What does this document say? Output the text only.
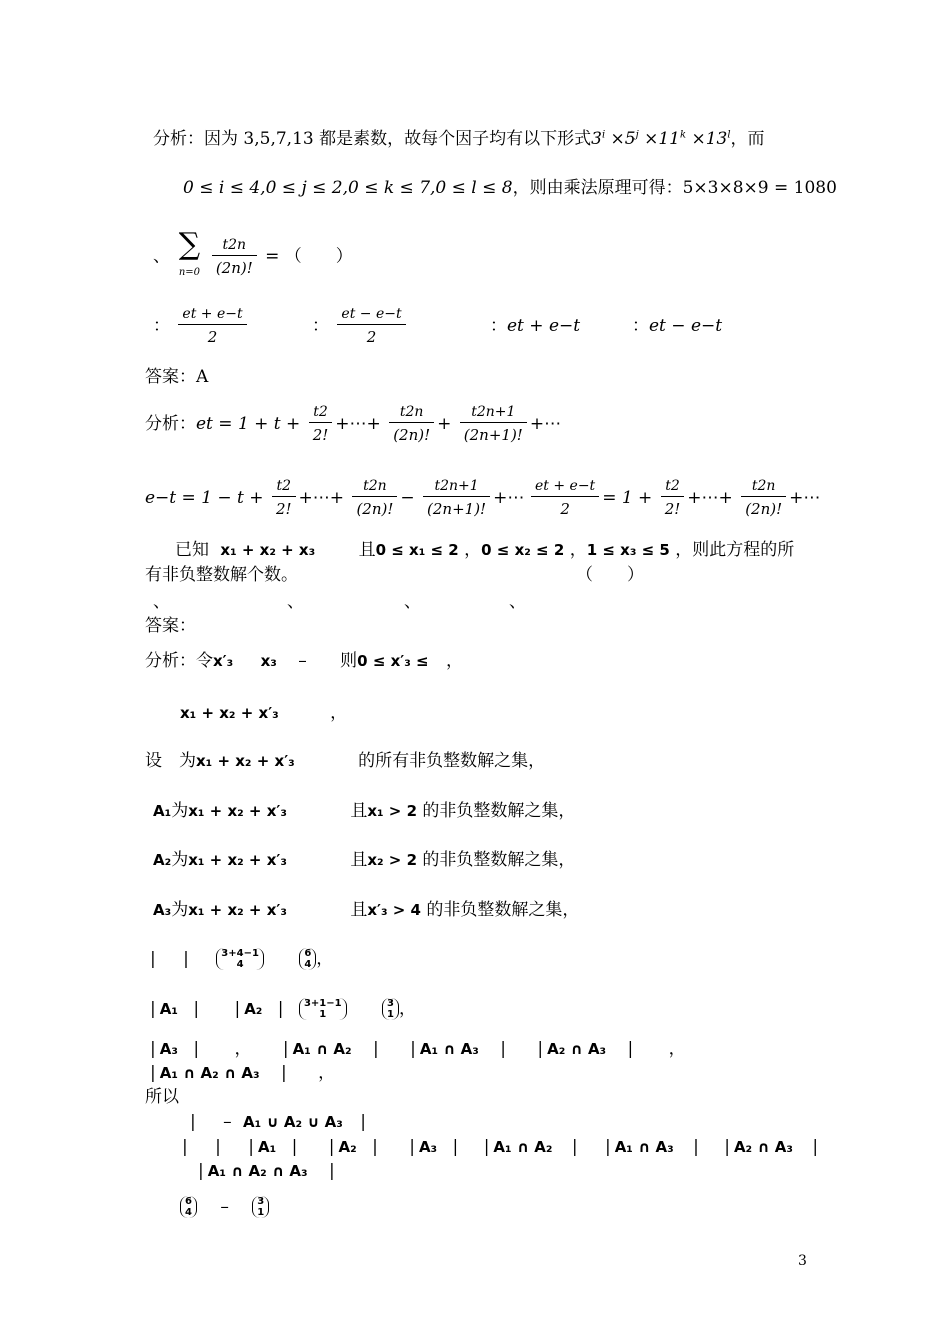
分析：因为 3,5,7,13 都是素数，故每个因子均有以下形式$3^i \times 5^j \times 11^k \times 13^l$，而
0 ≤ i ≤ 4,0 ≤ j ≤ 2,0 ≤ k ≤ 7,0 ≤ l ≤ 8，则由乘法原理可得：5×3×8×9 = 1080
、 ∑
$n=0 \frac{t2n}{(2n)!}$ = （　　）
： $\frac{et + e-t}{2}$	： $\frac{et - e-t}{2}$	：et + e−t	：et − e−t
答案：A
分析：et = $1 + t + \frac{t2}{2!}$ +⋯+ $\frac{t2n}{(2n)!} + \frac{t2n+1}{(2n+1)!}$ +⋯
$e-t = 1 - t + \frac{t2}{2!}$ +⋯+ $\frac{t2n}{(2n)!} - \frac{t2n+1}{(2n+1)!}$ +⋯ $\frac{et + e-t}{2} = 1 + \frac{t2}{2!}$ +⋯+ $\frac{t2n}{(2n)!}$ +⋯
已知 x₁ + x₂ + x₃	且0 ≤ x₁ ≤ 2 ，0 ≤ x₂ ≤ 2 ，1 ≤ x₃ ≤ 5 ，则此方程的所
有非负整数解个数。	（　　）
、	、	、	、
答案：
分析：令x′₃ x₃ – 则0 ≤ x′₃ ≤ ，
x₁ + x₂ + x′₃	，
设　为x₁ + x₂ + x′₃	的所有非负整数解之集，
A₁为x₁ + x₂ + x′₃	且x₁ > 2 的非负整数解之集，
A₂为x₁ + x₂ + x′₃	且x₂ > 2 的非负整数解之集，
A₃为x₁ + x₂ + x′₃	且x′₃ > 4 的非负整数解之集，
| |	3+4−1
4

6
4 ，
| A₁ | | A₂ | 3+1−1
1

3
1 ，
| A₃ | ， | A₁ ∩ A₂ | | A₁ ∩ A₃ | | A₂ ∩ A₃ | ，
| A₁ ∩ A₂ ∩ A₃ | ，
所以
| – A₁ ∪ A₂ ∪ A₃ |
| | | A₁ | | A₂ | | A₃ | | A₁ ∩ A₂ | | A₁ ∩ A₃ | | A₂ ∩ A₃ |
| A₁ ∩ A₂ ∩ A₃ |
6
4 –	3
1
3
